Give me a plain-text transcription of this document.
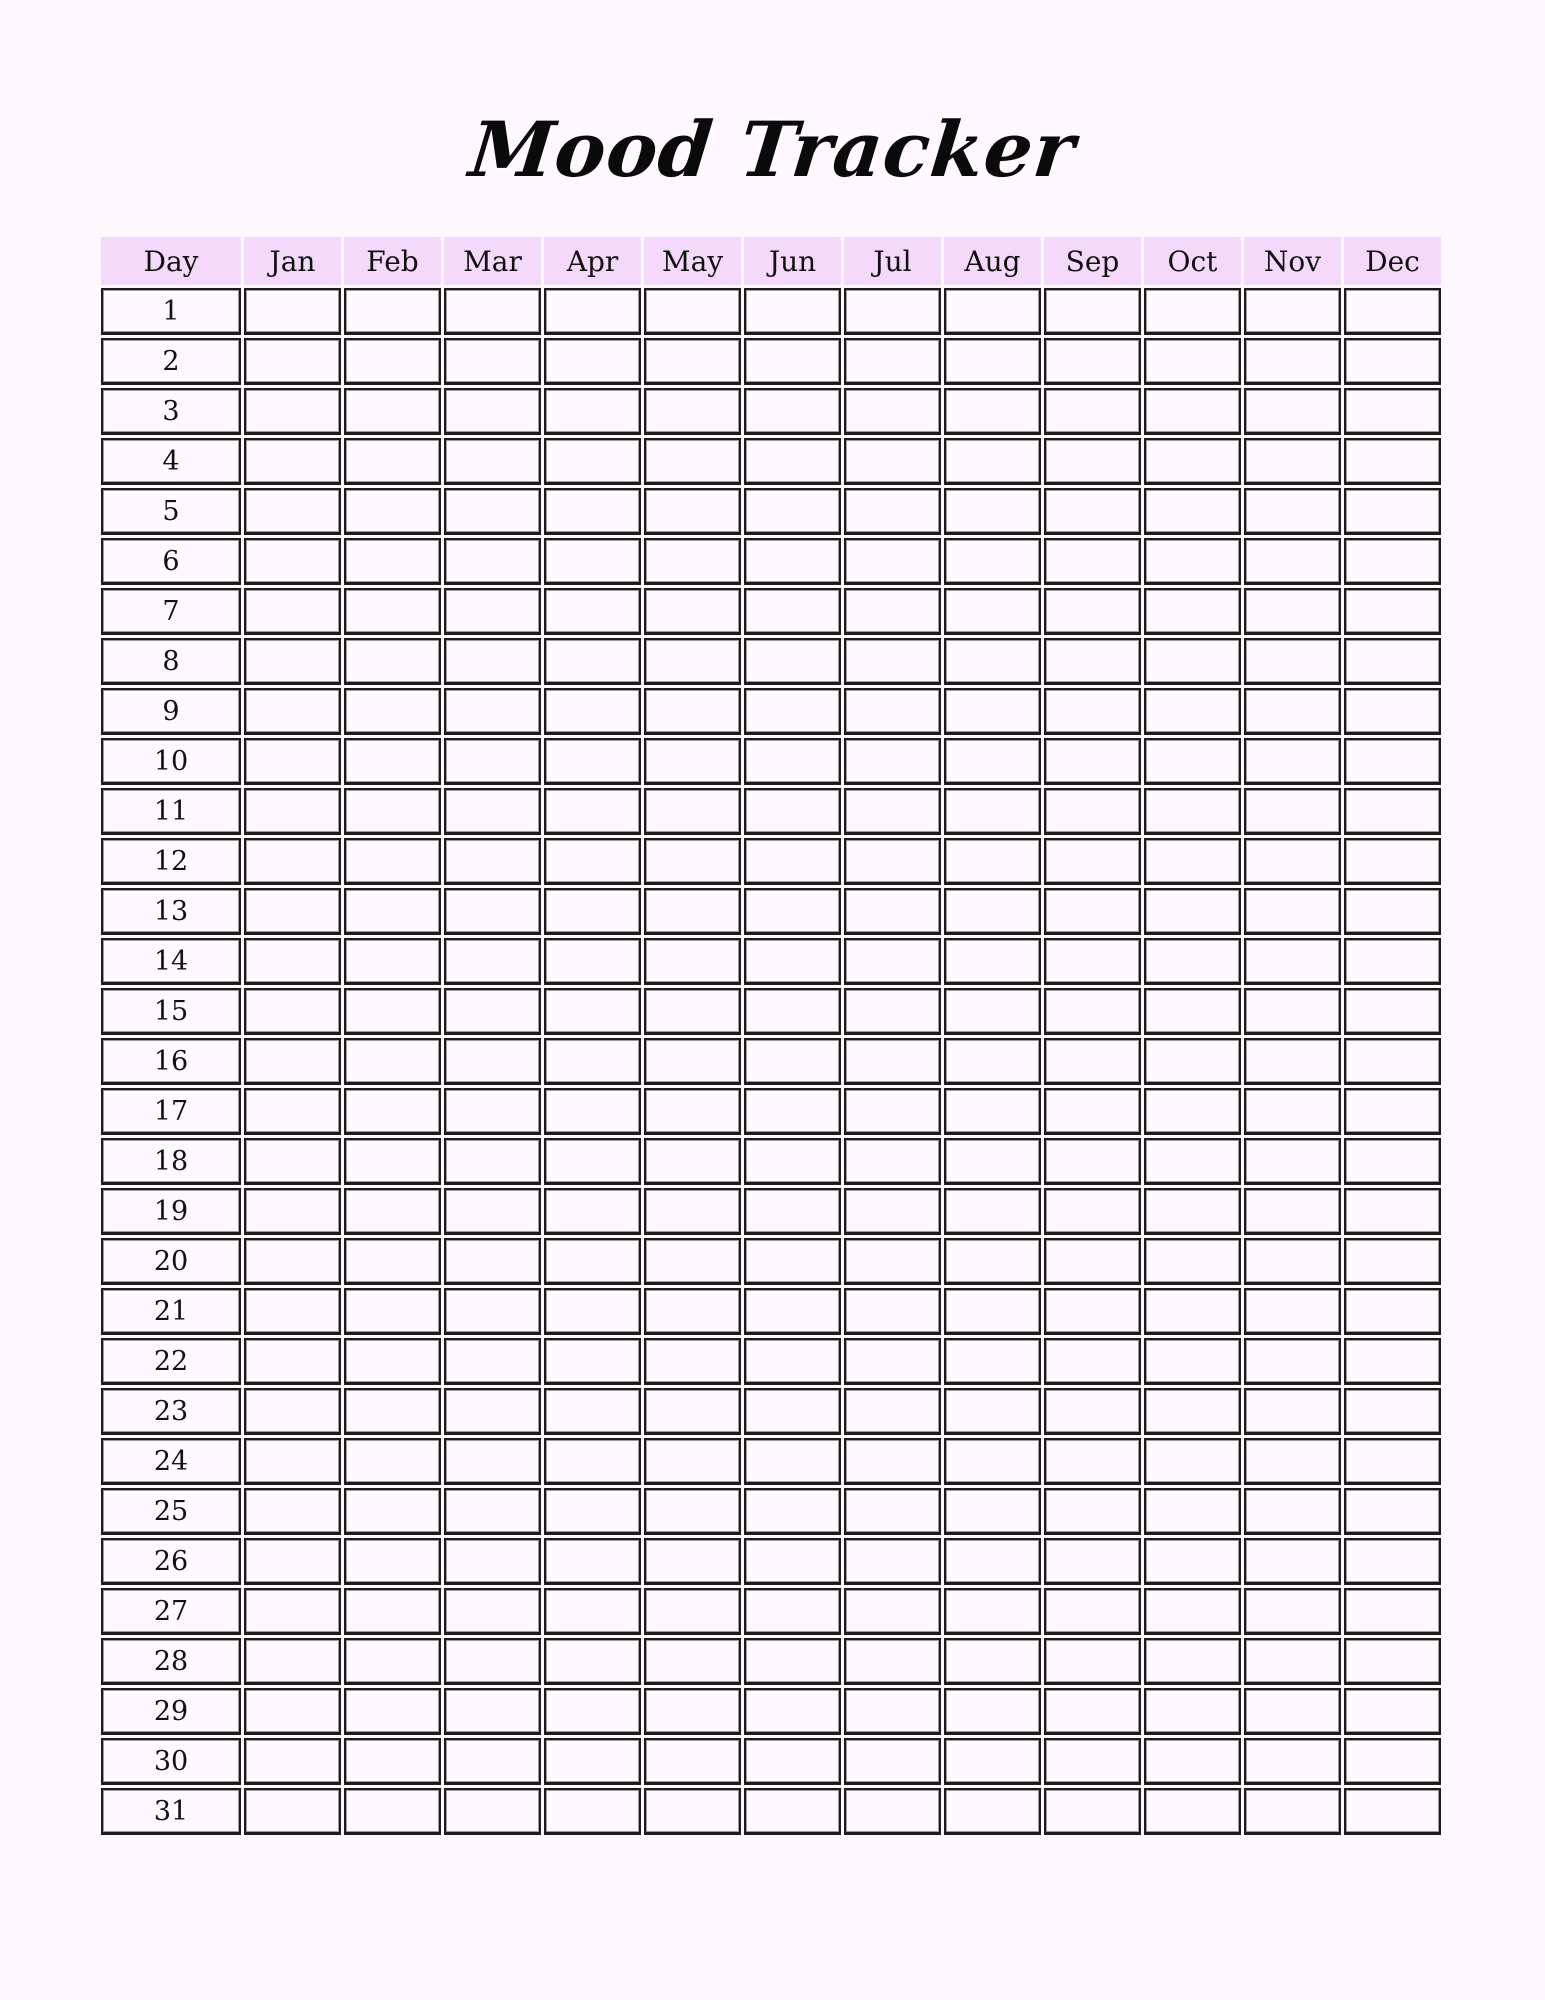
Mood Tracker
Day	Jan	Feb	Mar	Apr	May	Jun	Jul	Aug	Sep	Oct	Nov	Dec
1												
2												
3												
4												
5												
6												
7												
8												
9												
10												
11												
12												
13												
14												
15												
16												
17												
18												
19												
20												
21												
22												
23												
24												
25												
26												
27												
28												
29												
30												
31												
